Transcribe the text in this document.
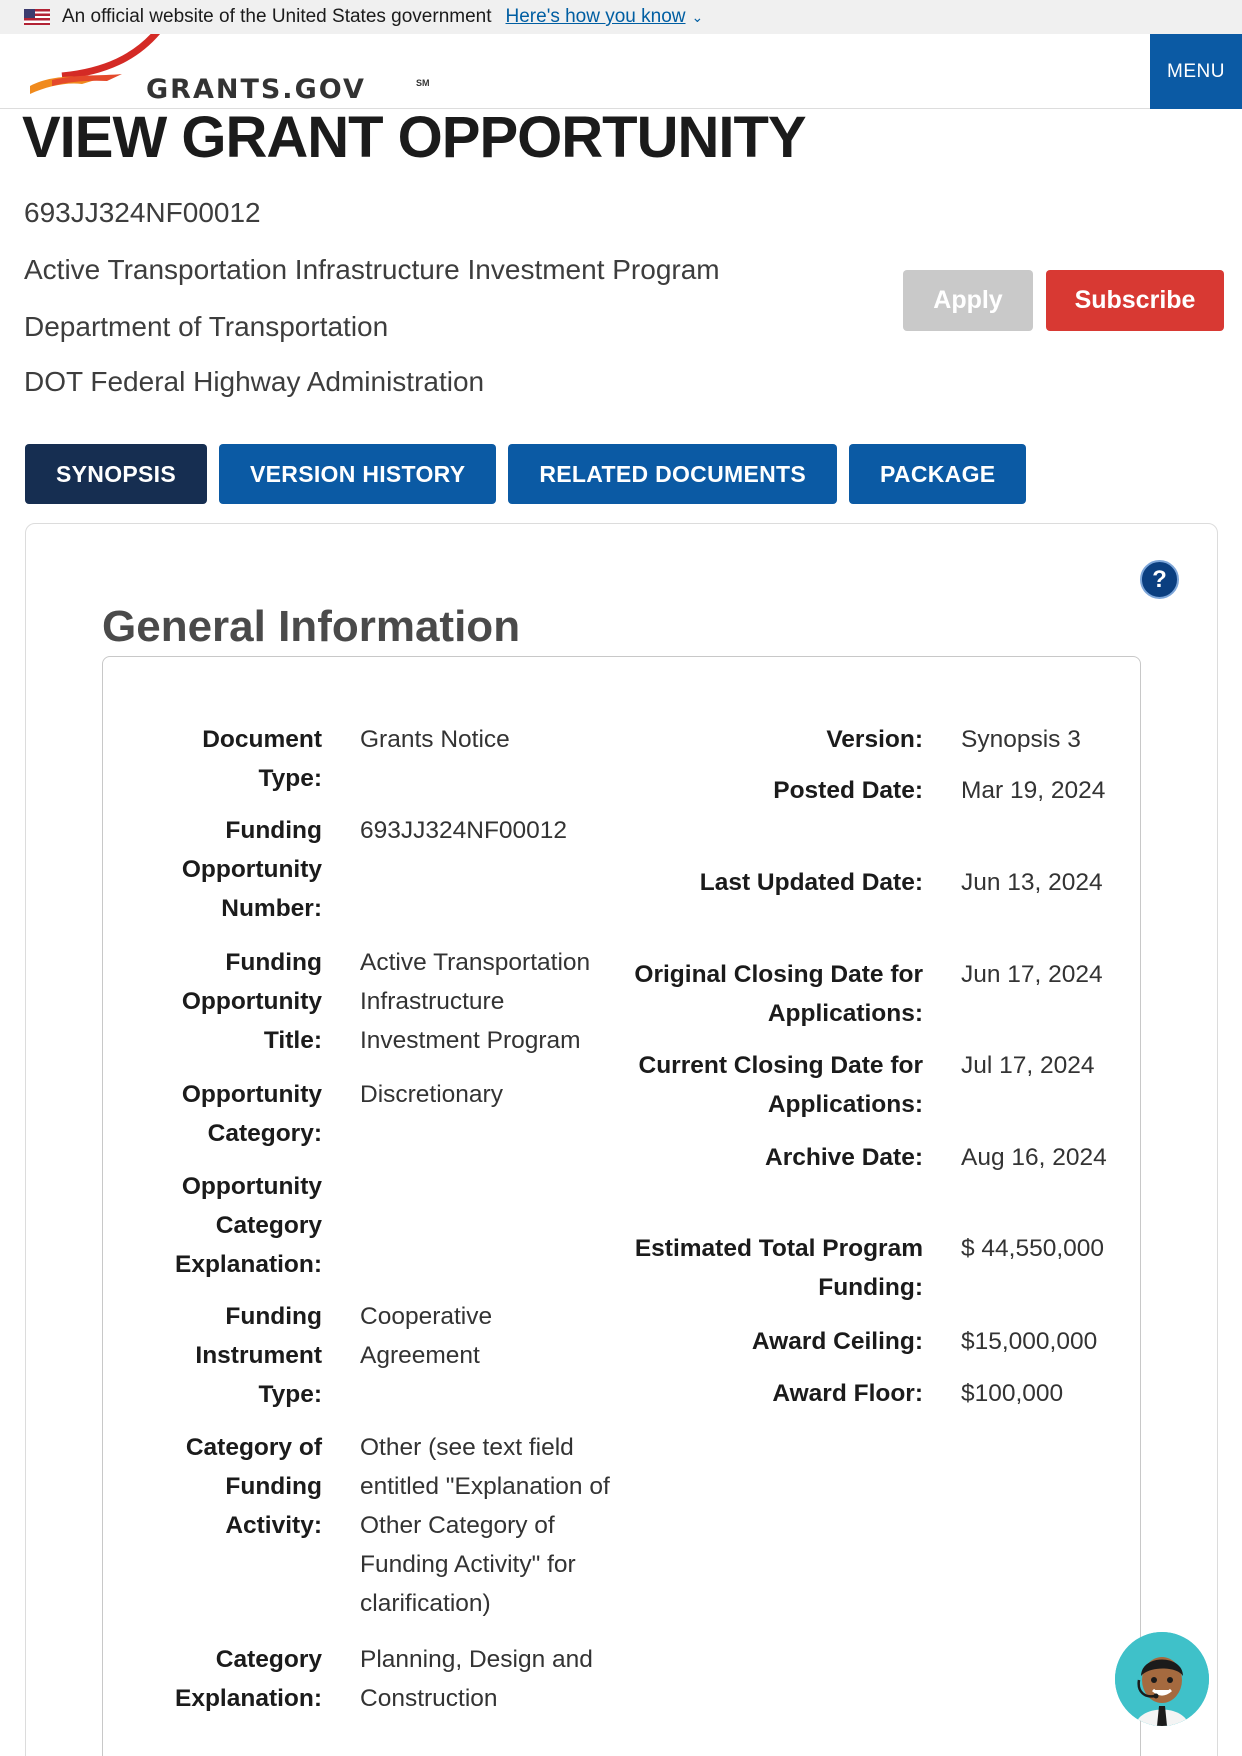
An official website of the United States government Here's how you know ⌄
GRANTS.GOV	SM
MENU
VIEW GRANT OPPORTUNITY
693JJ324NF00012
Active Transportation Infrastructure Investment Program
Department of Transportation
DOT Federal Highway Administration
Apply	Subscribe
SYNOPSIS	VERSION HISTORY	RELATED DOCUMENTS	PACKAGE
?
General Information
Document Type:
Grants Notice
Funding Opportunity Number:
693JJ324NF00012
Funding Opportunity Title:
Active Transportation Infrastructure Investment Program
Opportunity Category:
Discretionary
Opportunity Category Explanation:
Funding Instrument Type:
Cooperative Agreement
Category of Funding Activity:
Other (see text field entitled "Explanation of Other Category of Funding Activity" for clarification)
Category Explanation:
Planning, Design and Construction
Version: Synopsis 3
Posted Date: Mar 19, 2024
Last Updated Date: Jun 13, 2024
Original Closing Date for Applications:
Jun 17, 2024
Current Closing Date for Applications:
Jul 17, 2024
Archive Date: Aug 16, 2024
Estimated Total Program Funding:
$ 44,550,000
Award Ceiling: $15,000,000
Award Floor: $100,000
